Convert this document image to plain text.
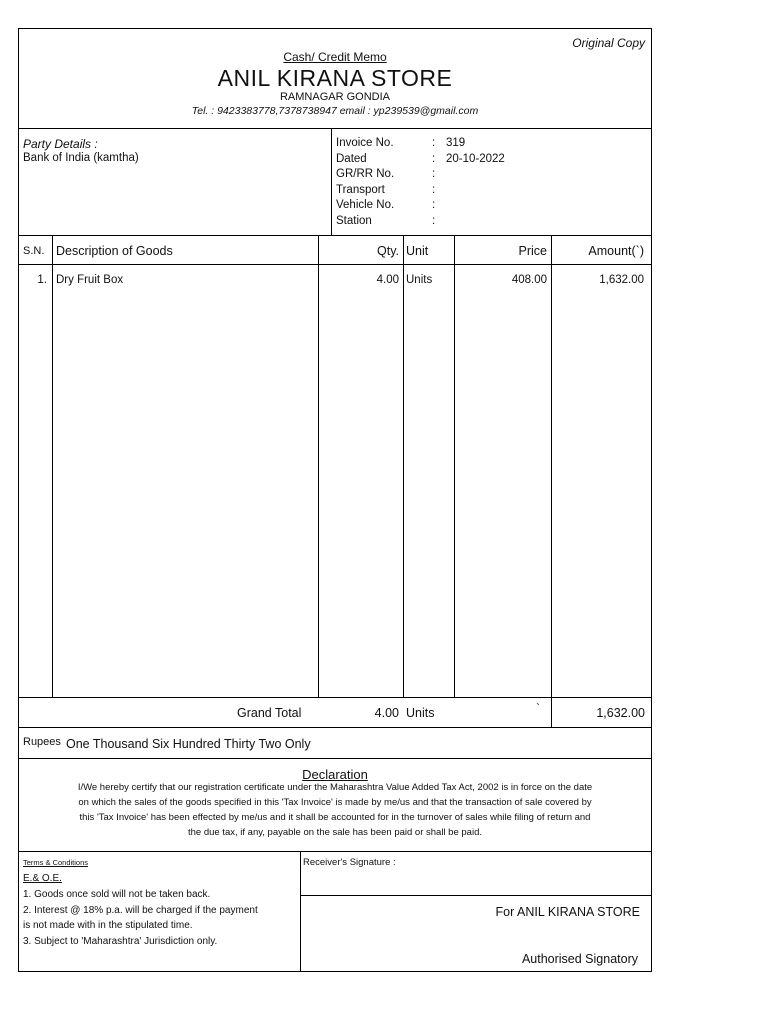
Original Copy
Cash/ Credit Memo
ANIL KIRANA STORE
RAMNAGAR GONDIA
Tel. : 9423383778,7378738947 email : yp239539@gmail.com
Party Details :
Bank of India (kamtha)
Invoice No.	: 319
Dated	: 20-10-2022
GR/RR No.	:
Transport	:
Vehicle No.	:
Station	:
S.N. Description of Goods	Qty. Unit	Price	Amount(`)
1. Dry Fruit Box	4.00 Units	408.00	1,632.00
Grand Total	4.00 Units	`	1,632.00
Rupees One Thousand Six Hundred Thirty Two Only
Declaration
I/We hereby certify that our registration certificate under the Maharashtra Value Added Tax Act, 2002 is in force on the date
on which the sales of the goods specified in this 'Tax Invoice' is made by me/us and that the transaction of sale covered by
this 'Tax Invoice' has been effected by me/us and it shall be accounted for in the turnover of sales while filing of return and
the due tax, if any, payable on the sale has been paid or shall be paid.
Terms & Conditions
E.& O.E.
1. Goods once sold will not be taken back.
2. Interest @ 18% p.a. will be charged if the payment
is not made with in the stipulated time.
3. Subject to 'Maharashtra' Jurisdiction only.
Receiver's Signature :
For ANIL KIRANA STORE
Authorised Signatory
